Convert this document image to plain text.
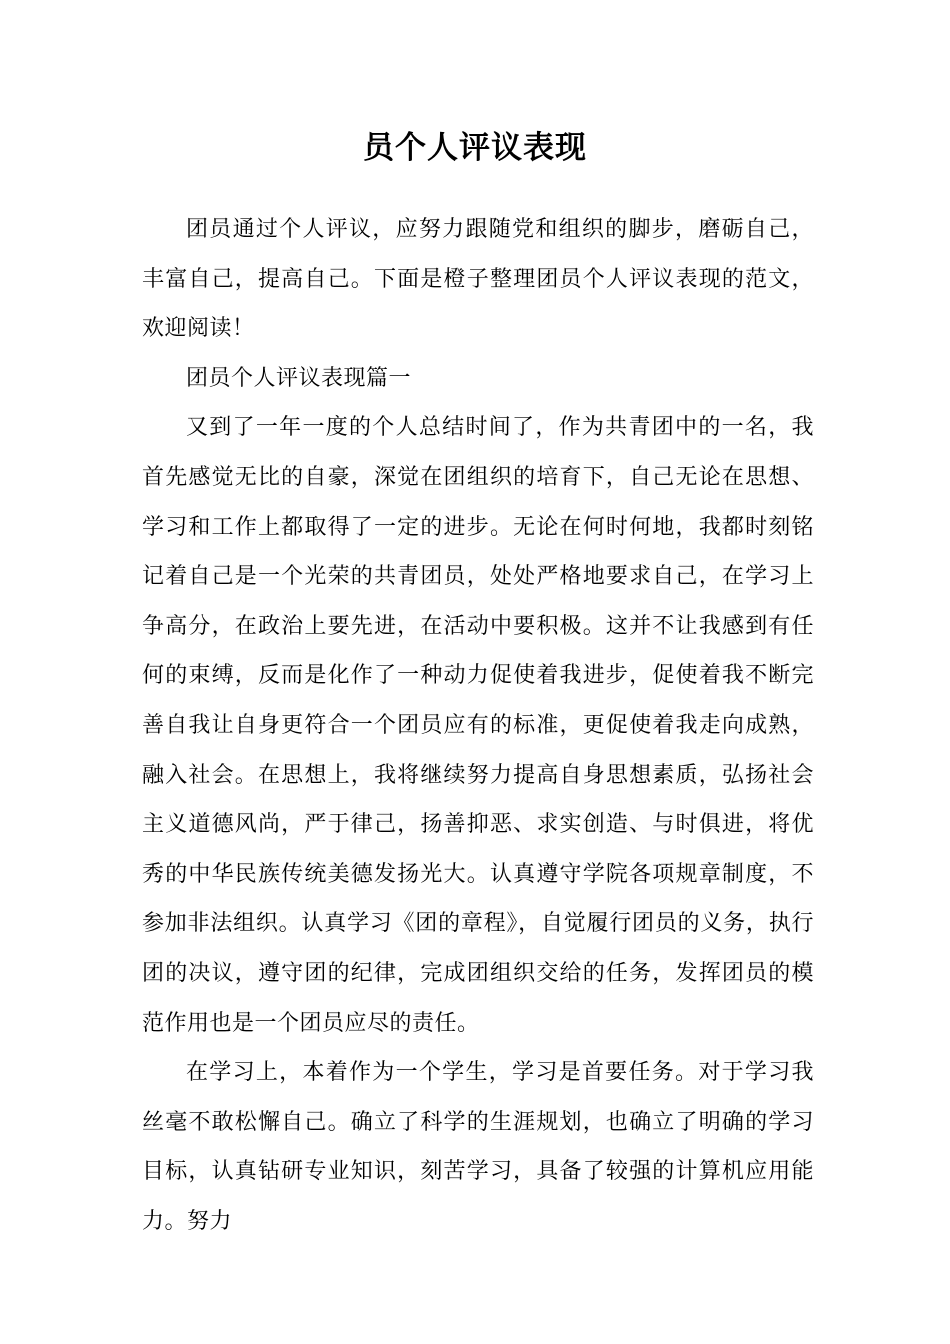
员个人评议表现

团员通过个人评议，应努力跟随党和组织的脚步，磨砺自己，丰富自己，提高自己。下面是橙子整理团员个人评议表现的范文，欢迎阅读！

团员个人评议表现篇一

又到了一年一度的个人总结时间了，作为共青团中的一名，我首先感觉无比的自豪，深觉在团组织的培育下，自己无论在思想、学习和工作上都取得了一定的进步。无论在何时何地，我都时刻铭记着自己是一个光荣的共青团员，处处严格地要求自己，在学习上争高分，在政治上要先进，在活动中要积极。这并不让我感到有任何的束缚，反而是化作了一种动力促使着我进步，促使着我不断完善自我让自身更符合一个团员应有的标准，更促使着我走向成熟，融入社会。在思想上，我将继续努力提高自身思想素质，弘扬社会主义道德风尚，严于律己，扬善抑恶、求实创造、与时俱进，将优秀的中华民族传统美德发扬光大。认真遵守学院各项规章制度，不参加非法组织。认真学习《团的章程》，自觉履行团员的义务，执行团的决议，遵守团的纪律，完成团组织交给的任务，发挥团员的模范作用也是一个团员应尽的责任。

在学习上，本着作为一个学生，学习是首要任务。对于学习我丝毫不敢松懈自己。确立了科学的生涯规划，也确立了明确的学习目标，认真钻研专业知识，刻苦学习，具备了较强的计算机应用能力。努力
